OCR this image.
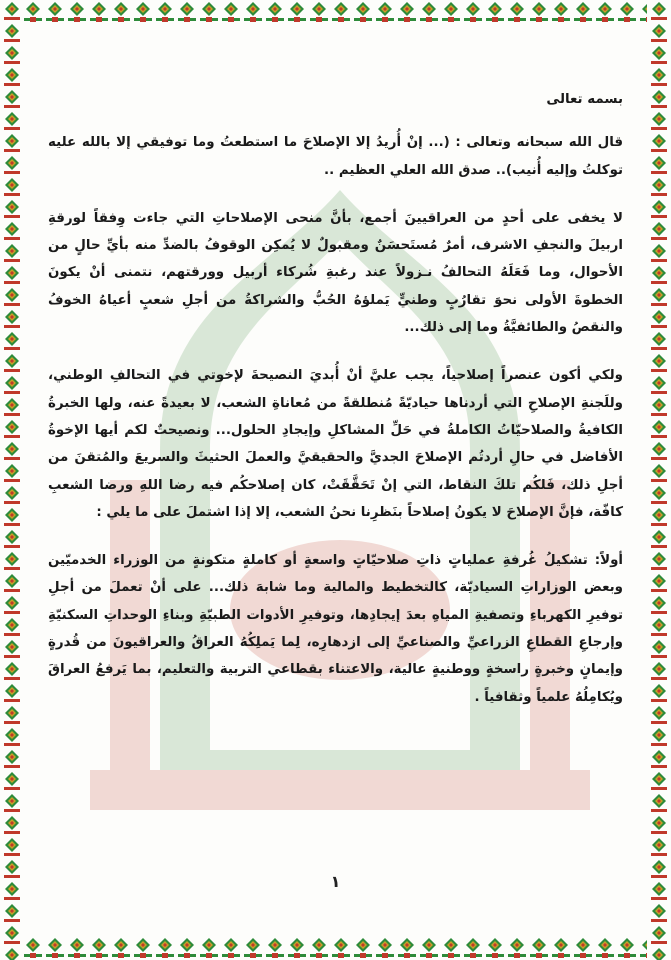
بسمه تعالى

قال الله سبحانه وتعالى : (... إنْ أُريدُ إلا الإصلاحَ ما استطعتُ وما توفيقي إلا بالله عليه توكلتُ وإليه أُنيب).. صدق الله العلي العظيم ..

لا يخفى على أحدٍ من العراقيينَ أجمع، بأنَّ منحى الإصلاحاتِ التي جاءت وِفقاً لورقةِ اربيلَ والنجفِ الاشرف، أمرٌ مُستَحسَنٌ ومقبولٌ لا يُمكِن الوقوفُ بالضدِّ منه بأيِّ حالٍ من الأحوال، وما فَعَلَهُ التحالفُ نـزولاً عند رغبةِ شُركاء أربيل وورقتهم، نتمنى أنْ يكونَ الخطوةَ الأولى نحوَ تقارُبٍ وطنيٍّ يَملؤهُ الحُبُّ والشراكةُ من أجلِ شعبٍ أعياهُ الخوفُ والنقصُ والطائفيَّةُ وما إلى ذلك...

ولكي أكون عنصراً إصلاحياً، يجب عليَّ أنْ أُبديَ النصيحةَ لإخوتي في التحالفِ الوطني، وللَجنةِ الإصلاحِ التي أردناها حياديّةً مُنطلقةً من مُعاناةِ الشعب، لا بعيدةً عنه، ولها الخبرةُ الكافيةُ والصلاحيّاتُ الكاملةُ في حَلِّ المشاكلِ وإيجادِ الحلول... ونصيحتٌ لكم أيها الإخوةُ الأفاضل في حالِ أردتُم الإصلاحَ الجديَّ والحقيقيَّ والعملَ الحثيثَ والسريعَ والمُتقنَ من أجلِ ذلك، فَلكُم تلكَ النقاط، التي إنْ تَحَقَّقَتْ، كان إصلاحكُم فيه رضا اللهِ ورضا الشعبِ كافّة، فإنَّ الإصلاحَ لا يكونُ إصلاحاً بنَظرِنا نحنُ الشعب، إلا إذا اشتملَ على ما يلي :

أولاً: تشكيلُ غُرفةِ عملياتٍ ذاتِ صلاحيّاتٍ واسعةٍ أو كاملةٍ متكونةٍ من الوزراء الخدميّين وبعض الوزاراتِ السياديّة، كالتخطيط والمالية وما شابهَ ذلك... على أنْ تعملَ من أجلِ توفيرِ الكهرباءِ وتصفيةِ المياهِ بعدَ إيجادِها، وتوفيرِ الأدوات الطبيّةِ وبناءِ الوحداتِ السكنيّةِ وإرجاعِ القطاعِ الزراعيِّ والصناعيِّ إلى ازدهارِه، لِما يَملِكُهُ العراقُ والعراقيونَ من قُدرةٍ وإيمانٍ وخبرةٍ راسخةٍ ووطنيةٍ عالية، والاعتناء بقطاعي التربية والتعليم، بما يَرفعُ العراقَ ويُكامِلُهُ علمياً وثقافياً .

١
